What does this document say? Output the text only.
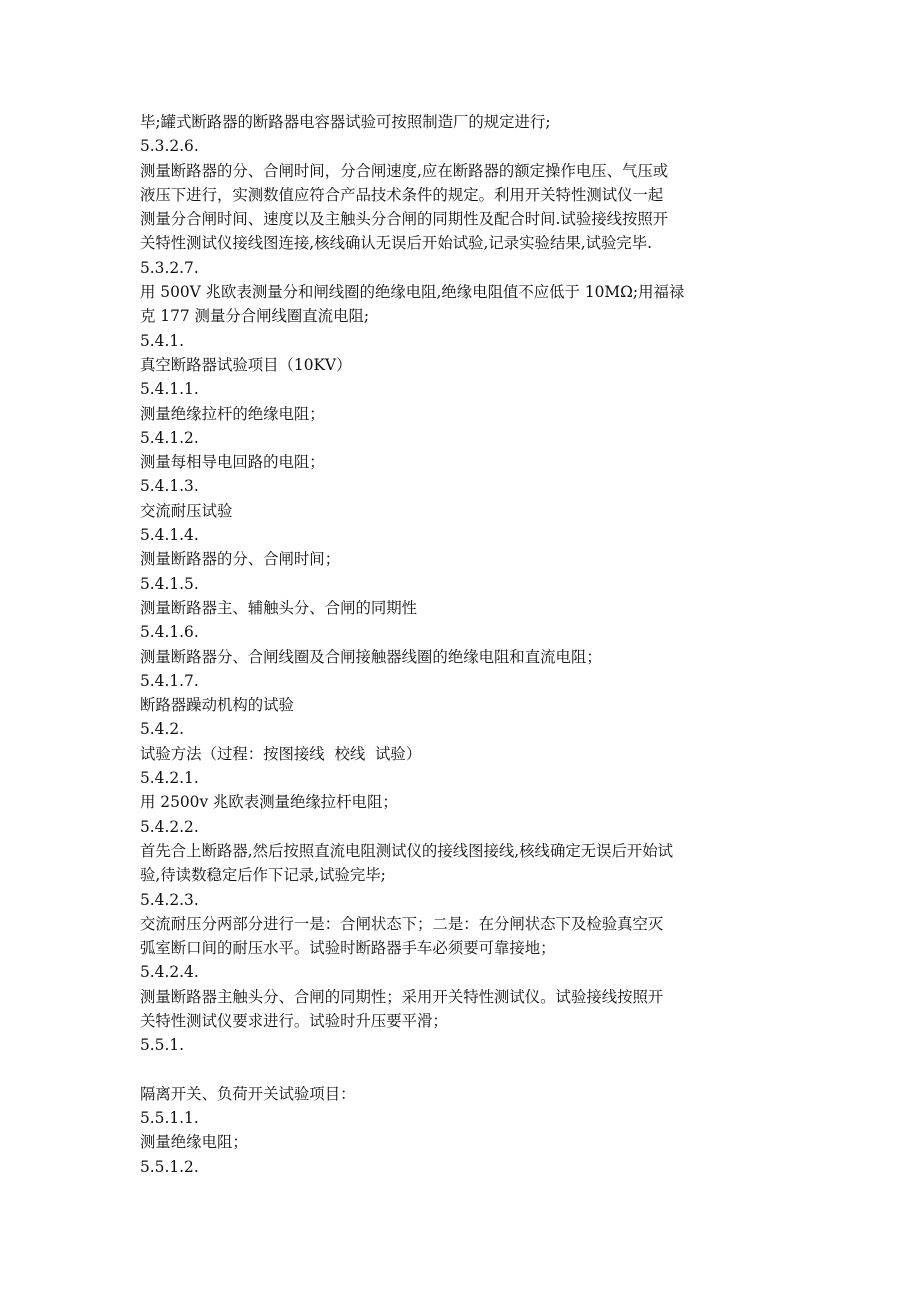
毕;罐式断路器的断路器电容器试验可按照制造厂的规定进行;
5.3.2.6.
测量断路器的分、合闸时间，分合闸速度,应在断路器的额定操作电压、气压或
液压下进行，实测数值应符合产品技术条件的规定。利用开关特性测试仪一起
测量分合闸时间、速度以及主触头分合闸的同期性及配合时间.试验接线按照开
关特性测试仪接线图连接,核线确认无误后开始试验,记录实验结果,试验完毕.
5.3.2.7.
用 500V 兆欧表测量分和闸线圈的绝缘电阻,绝缘电阻值不应低于 10MΩ;用福禄
克 177 测量分合闸线圈直流电阻;
5.4.1.
真空断路器试验项目（10KV）
5.4.1.1.
测量绝缘拉杆的绝缘电阻；
5.4.1.2.
测量每相导电回路的电阻；
5.4.1.3.
交流耐压试验
5.4.1.4.
测量断路器的分、合闸时间；
5.4.1.5.
测量断路器主、辅触头分、合闸的同期性
5.4.1.6.
测量断路器分、合闸线圈及合闸接触器线圈的绝缘电阻和直流电阻；
5.4.1.7.
断路器躁动机构的试验
5.4.2.
试验方法（过程：按图接线  校线  试验）
5.4.2.1.
用 2500v 兆欧表测量绝缘拉杆电阻；
5.4.2.2.
首先合上断路器,然后按照直流电阻测试仪的接线图接线,核线确定无误后开始试
验,待读数稳定后作下记录,试验完毕;
5.4.2.3.
交流耐压分两部分进行一是：合闸状态下；二是：在分闸状态下及检验真空灭
弧室断口间的耐压水平。试验时断路器手车必须要可靠接地；
5.4.2.4.
测量断路器主触头分、合闸的同期性；采用开关特性测试仪。试验接线按照开
关特性测试仪要求进行。试验时升压要平滑；
5.5.1.
隔离开关、负荷开关试验项目：
5.5.1.1.
测量绝缘电阻；
5.5.1.2.
